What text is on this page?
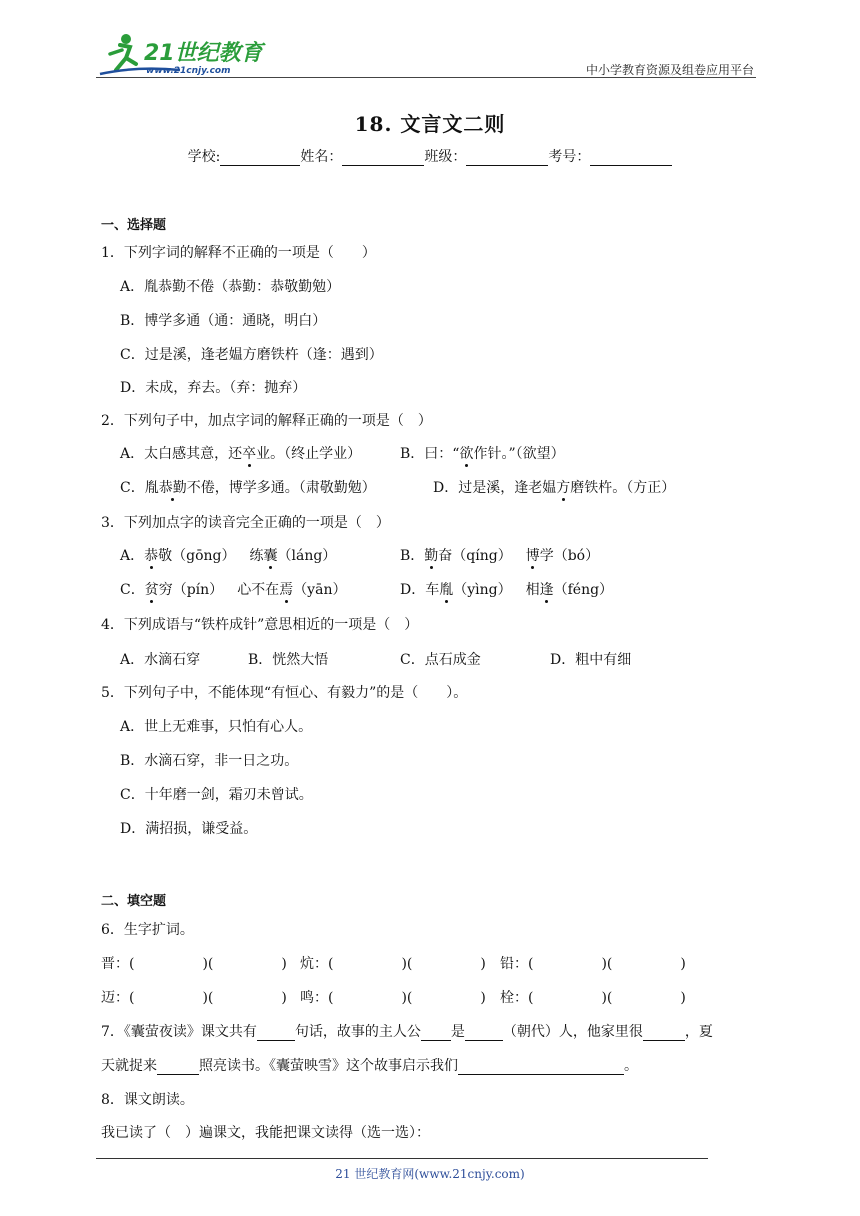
21世纪教育
www.21cnjy.com	中小学教育资源及组卷应用平台
18. 文言文二则
学校:	姓名：	班级：	考号：
一、选择题
1．下列字词的解释不正确的一项是（　　）
A．胤恭勤不倦（恭勤：恭敬勤勉）
B．博学多通（通：通晓，明白）
C．过是溪，逢老媪方磨铁杵（逢：遇到）
D．未成，弃去。（弃：抛弃）
2．下列句子中，加点字词的解释正确的一项是（　）
A．太白感其意，还卒业。（终止学业）	B．曰：“欲作针。”（欲望）
C．胤恭勤不倦，博学多通。（肃敬勤勉）	D．过是溪，逢老媪方磨铁杵。（方正）
3．下列加点字的读音完全正确的一项是（　）
A．恭敬（gōng） 练囊（láng）	B．勤奋（qíng） 博学（bó）
C．贫穷（pín） 心不在焉（yān）	D．车胤（yìng） 相逢（féng）
4．下列成语与“铁杵成针”意思相近的一项是（　）
A．水滴石穿	B．恍然大悟	C．点石成金	D．粗中有细
5．下列句子中，不能体现“有恒心、有毅力”的是（　　）。
A．世上无难事，只怕有心人。
B．水滴石穿，非一日之功。
C．十年磨一剑，霜刃未曾试。
D．满招损，谦受益。
二、填空题
6．生字扩词。
晋：(	)(	) 炕：(	)(	) 铅：(	)(	)
迈：(	)(	) 鸣：(	)(	) 栓：(	)(	)
7．《囊萤夜读》课文共有	句话，故事的主人公 是	（朝代）人，他家里很	，夏
天就捉来	照亮读书。《囊萤映雪》这个故事启示我们	。
8．课文朗读。
我已读了（　）遍课文，我能把课文读得（选一选）：
21 世纪教育网(www.21cnjy.com)
